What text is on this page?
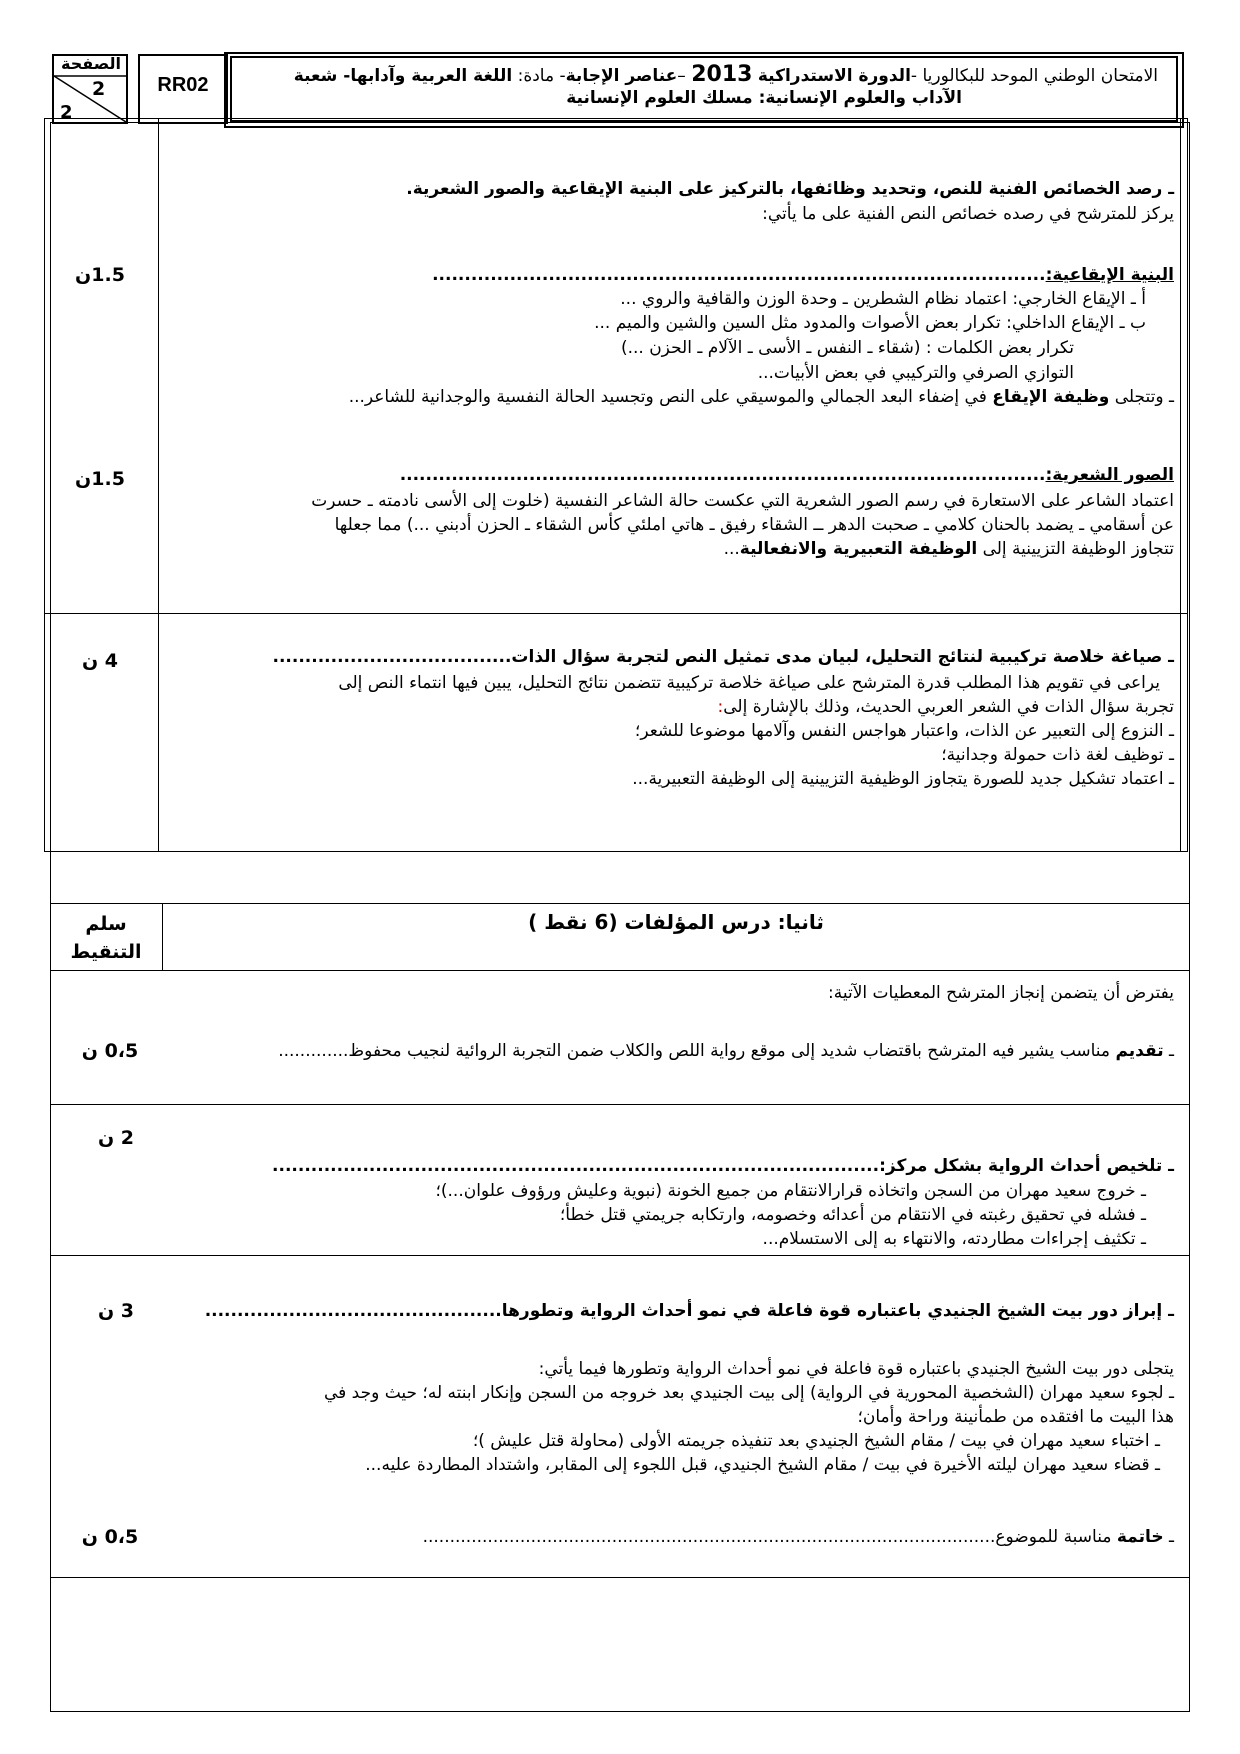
الصفحة
2
2
RR02	الامتحان الوطني الموحد للبكالوريا -الدورة الاستدراكية 2013 –عناصر الإجابة- مادة: اللغة العربية وآدابها- شعبة
الآداب والعلوم الإنسانية: مسلك العلوم الإنسانية
ـ رصد الخصائص الفنية للنص، وتحديد وظائفها، بالتركيز على البنية الإيقاعية والصور الشعرية.
يركز للمترشح في رصده خصائص النص الفنية على ما يأتي:
البنية الإيقاعية:...............................................................................................
1.5ن
أ ـ الإيقاع الخارجي: اعتماد نظام الشطرين ـ وحدة الوزن والقافية والروي ...
ب ـ الإيقاع الداخلي: تكرار بعض الأصوات والمدود مثل السين والشين والميم ...
تكرار بعض الكلمات : (شقاء ـ النفس ـ الأسى ـ الآلام ـ الحزن ...)
التوازي الصرفي والتركيبي في بعض الأبيات...
ـ وتتجلى وظيفة الإيقاع في إضفاء البعد الجمالي والموسيقي على النص وتجسيد الحالة النفسية والوجدانية للشاعر...
الصور الشعرية:....................................................................................................
1.5ن
اعتماد الشاعر على الاستعارة في رسم الصور الشعرية التي عكست حالة الشاعر النفسية (خلوت إلى الأسى نادمته ـ حسرت
عن أسقامي ـ يضمد بالحنان كلامي ـ صحبت الدهر ــ الشقاء رفيق ـ هاتي املئي كأس الشقاء ـ الحزن أدبني ...) مما جعلها
تتجاوز الوظيفة التزيينية إلى الوظيفة التعبيرية والانفعالية...
ـ صياغة خلاصة تركيبية لنتائج التحليل، لبيان مدى تمثيل النص لتجربة سؤال الذات.....................................
4 ن
يراعى في تقويم هذا المطلب قدرة المترشح على صياغة خلاصة تركيبية تتضمن نتائج التحليل، يبين فيها انتماء النص إلى
تجربة سؤال الذات في الشعر العربي الحديث، وذلك بالإشارة إلى:
ـ النزوع إلى التعبير عن الذات، واعتبار هواجس النفس وآلامها موضوعا للشعر؛
ـ توظيف لغة ذات حمولة وجدانية؛
ـ اعتماد تشكيل جديد للصورة يتجاوز الوظيفية التزيينية إلى الوظيفة التعبيرية...
سلم
التنقيط
ثانيا: درس المؤلفات (6 نقط )
يفترض أن يتضمن إنجاز المترشح المعطيات الآتية:
ـ تقديم مناسب يشير فيه المترشح باقتضاب شديد إلى موقع رواية اللص والكلاب ضمن التجربة الروائية لنجيب محفوظ.............
0،5 ن
ـ تلخيص أحداث الرواية بشكل مركز:..............................................................................................
2 ن
ـ خروج سعيد مهران من السجن واتخاذه قرارالانتقام من جميع الخونة (نبوية وعليش ورؤوف علوان...)؛
ـ فشله في تحقيق رغبته في الانتقام من أعدائه وخصومه، وارتكابه جريمتي قتل خطأ؛
ـ تكثيف إجراءات مطاردته، والانتهاء به إلى الاستسلام...
ـ إبراز دور بيت الشيخ الجنيدي باعتباره قوة فاعلة في نمو أحداث الرواية وتطورها..............................................
3 ن
يتجلى دور بيت الشيخ الجنيدي باعتباره قوة فاعلة في نمو أحداث الرواية وتطورها فيما يأتي:
ـ لجوء سعيد مهران (الشخصية المحورية في الرواية) إلى بيت الجنيدي بعد خروجه من السجن وإنكار ابنته له؛ حيث وجد في
هذا البيت ما افتقده من طمأنينة وراحة وأمان؛
ـ اختباء سعيد مهران في بيت / مقام الشيخ الجنيدي بعد تنفيذه جريمته الأولى (محاولة قتل عليش )؛
ـ قضاء سعيد مهران ليلته الأخيرة في بيت / مقام الشيخ الجنيدي، قبل اللجوء إلى المقابر، واشتداد المطاردة عليه...
ـ خاتمة مناسبة للموضوع..........................................................................................................
0،5 ن
